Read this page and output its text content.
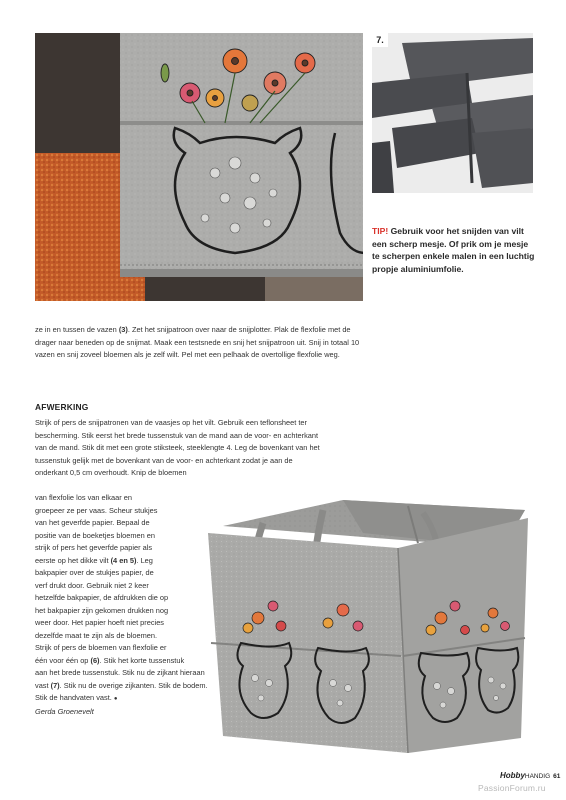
7.
TIP! Gebruik voor het snijden van vilt een scherp mesje. Of prik om je mesje te scherpen enkele malen in een luchtig propje aluminiumfolie.
ze in en tussen de vazen (3). Zet het snijpatroon over naar de snijplotter. Plak de flexfolie met de drager naar beneden op de snijmat. Maak een testsnede en snij het snijpatroon uit. Snij in totaal 10 vazen en snij zoveel bloemen als je zelf wilt. Pel met een pelhaak de overtollige flexfolie weg.
AFWERKING
Strijk of pers de snijpatronen van de vaasjes op het vilt. Gebruik een teflonsheet ter
bescherming. Stik eerst het brede tussenstuk van de mand aan de voor- en achterkant
van de mand. Stik dit met een grote stiksteek, steeklengte 4. Leg de bovenkant van het
tussenstuk gelijk met de bovenkant van de voor- en achterkant zodat je aan de
onderkant 0,5 cm overhoudt. Knip de bloemen
van flexfolie los van elkaar en
groepeer ze per vaas. Scheur stukjes
van het geverfde papier. Bepaal de
positie van de boeketjes bloemen en
strijk of pers het geverfde papier als
eerste op het dikke vilt (4 en 5). Leg
bakpapier over de stukjes papier, de
verf drukt door. Gebruik niet 2 keer
hetzelfde bakpapier, de afdrukken die op
het bakpapier zijn gekomen drukken nog
weer door. Het papier hoeft niet precies
dezelfde maat te zijn als de bloemen.
Strijk of pers de bloemen van flexfolie er
één voor één op (6). Stik het korte tussenstuk
aan het brede tussenstuk. Stik nu de zijkant hieraan
vast (7). Stik nu de overige zijkanten. Stik de bodem.
Stik de handvaten vast. ●
Gerda Groenevelt
HobbyHANDIG 61
PassionForum.ru
